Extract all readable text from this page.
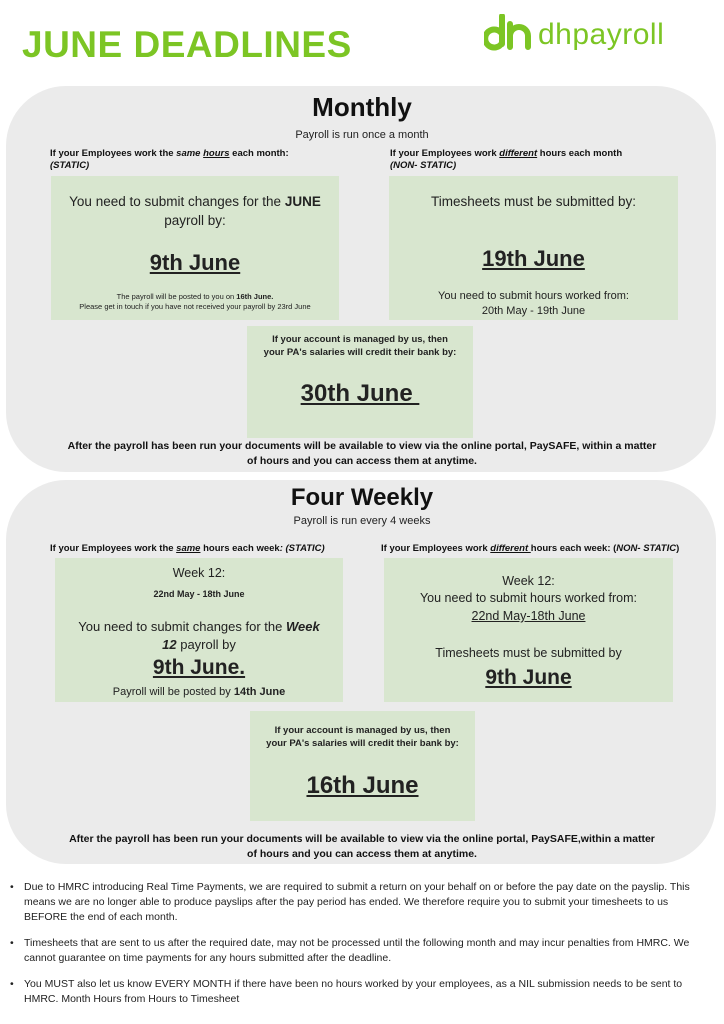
JUNE DEADLINES	dhpayroll
Monthly
Payroll is run once a month
If your Employees work the same hours each month:
(STATIC)
If your Employees work different hours each month
(NON- STATIC)
You need to submit changes for the JUNE
payroll by:
9th June
The payroll will be posted to you on 16th June.
Please get in touch if you have not received your payroll by 23rd June
Timesheets must be submitted by:
19th June
You need to submit hours worked from:
20th May - 19th June
If your account is managed by us, then
your PA's salaries will credit their bank by:
30th June
After the payroll has been run your documents will be available to view via the online portal, PaySAFE, within a matter
of hours and you can access them at anytime.
Four Weekly
Payroll is run every 4 weeks
If your Employees work the same hours each week: (STATIC)	If your Employees work different hours each week: (NON- STATIC)
Week 12:
22nd May - 18th June
You need to submit changes for the Week
12 payroll by
9th June.
Payroll will be posted by 14th June
Week 12:
You need to submit hours worked from:
22nd May-18th June
Timesheets must be submitted by
9th June
If your account is managed by us, then
your PA's salaries will credit their bank by:
16th June
After the payroll has been run your documents will be available to view via the online portal, PaySAFE,within a matter
of hours and you can access them at anytime.
• Due to HMRC introducing Real Time Payments, we are required to submit a return on your behalf on or before the pay date on the payslip. This means we are no longer able to produce payslips after the pay period has ended. We therefore require you to submit your timesheets to us BEFORE the end of each month.
• Timesheets that are sent to us after the required date, may not be processed until the following month and may incur penalties from HMRC. We cannot guarantee on time payments for any hours submitted after the deadline.
• You MUST also let us know EVERY MONTH if there have been no hours worked by your employees, as a NIL submission needs to be sent to HMRC. Month Hours from Hours to Timesheet
